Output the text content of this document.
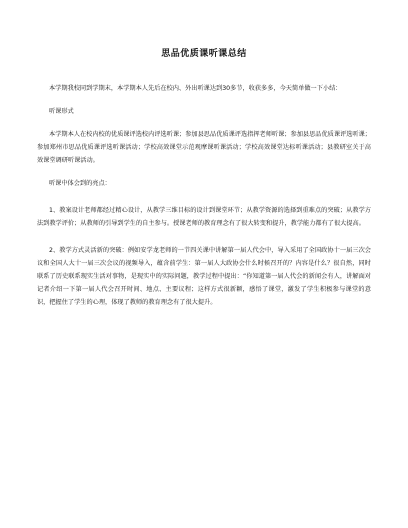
思品优质课听课总结

本学期我校同到学期末，本学期本人先后在校内、外出听课达到30多节，收获多多，今天简单做一下小结：

听课形式

本学期本人在校内校的优质课评选校内评选听课；参加县思品优质课评选指挥老师听课；参加县思品优质课评选听课；参加郑州市思品优质课评选听课活动；学校高效课堂示范观摩课听课活动；学校高效课堂达标听课活动；县教研室关于高效课堂调研听课活动。

听课中体会到的亮点：

1、教案设计老师都经过精心设计，从教学三维目标的设计到课堂环节；从教学资源的选择到重难点的突破；从教学方法到教学评价；从教师的引导到学生的自主参与。授课老师的教育理念有了很大转变和提升，教学能力都有了很大提高。

2、教学方式灵活新的突破：例如安学龙老师的一节四关课中讲解第一届人代会中，导入采用了全国政协十一届三次会议和全国人大十一届三次会议的视频导入，蕴含前学生：第一届人大政协会什么时候召开的？内容是什么？很自然，同时联系了历史联系现实生活对事物，是现实中的实际问题，教学过程中提出：“你知道第一届人代会的新闻会有人，讲解面对记者介绍一下第一届人代会召开时间、地点、主要议程；这样方式很新颖，感悟了课堂，激发了学生积极参与课堂的意识，把握住了学生的心理，体现了教师的教育理念有了很大提升。
